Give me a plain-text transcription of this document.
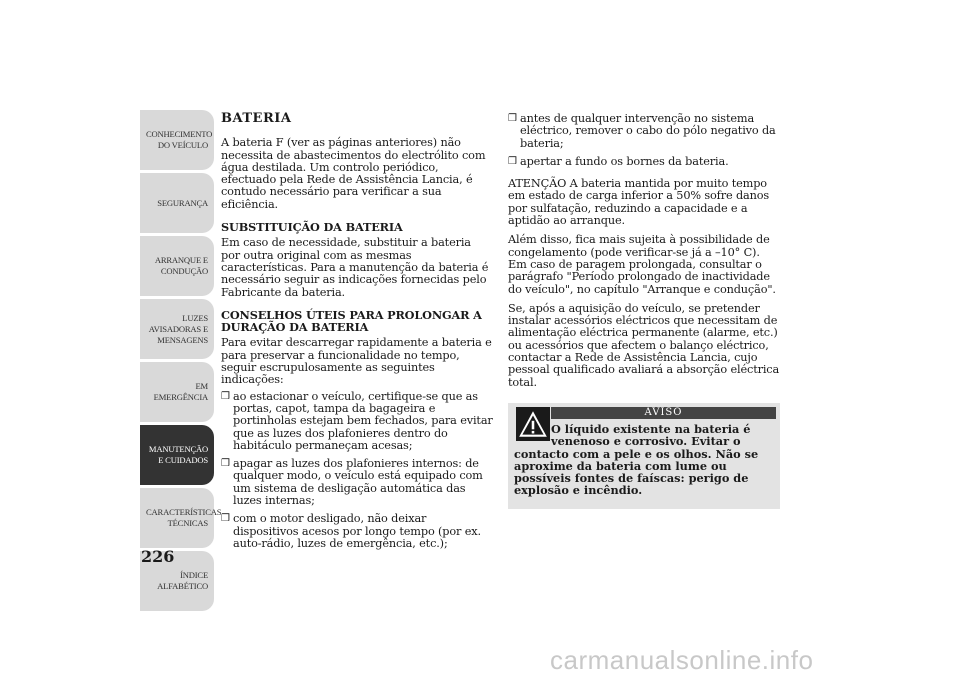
CONHECIMENTO DO VEÍCULO
SEGURANÇA
ARRANQUE E CONDUÇÃO
LUZES AVISADORAS E MENSAGENS
EM EMERGÊNCIA
MANUTENÇÃO E CUIDADOS
CARACTERÍSTICAS TÉCNICAS
ÍNDICE ALFABÉTICO
226
BATERIA

A bateria F (ver as páginas anteriores) não necessita de abastecimentos do electrólito com água destilada. Um controlo periódico, efectuado pela Rede de Assistência Lancia, é contudo necessário para verificar a sua eficiência.

SUBSTITUIÇÃO DA BATERIA

Em caso de necessidade, substituir a bateria por outra original com as mesmas características. Para a manutenção da bateria é necessário seguir as indicações fornecidas pelo Fabricante da bateria.

CONSELHOS ÚTEIS PARA PROLONGAR A DURAÇÃO DA BATERIA

Para evitar descarregar rapidamente a bateria e para preservar a funcionalidade no tempo, seguir escrupulosamente as seguintes indicações:

❒ ao estacionar o veículo, certifique-se que as portas, capot, tampa da bagageira e portinholas estejam bem fechados, para evitar que as luzes dos plafonieres dentro do habitáculo permaneçam acesas;
❒ apagar as luzes dos plafonieres internos: de qualquer modo, o veículo está equipado com um sistema de desligação automática das luzes internas;
❒ com o motor desligado, não deixar dispositivos acesos por longo tempo (por ex. auto-rádio, luzes de emergência, etc.);
❒ antes de qualquer intervenção no sistema eléctrico, remover o cabo do pólo negativo da bateria;
❒ apertar a fundo os bornes da bateria.

ATENÇÃO A bateria mantida por muito tempo em estado de carga inferior a 50% sofre danos por sulfatação, reduzindo a capacidade e a aptidão ao arranque.

Além disso, fica mais sujeita à possibilidade de congelamento (pode verificar-se já a –10° C). Em caso de paragem prolongada, consultar o parágrafo "Período prolongado de inactividade do veículo", no capítulo "Arranque e condução".

Se, após a aquisição do veículo, se pretender instalar acessórios eléctricos que necessitam de alimentação eléctrica permanente (alarme, etc.) ou acessórios que afectem o balanço eléctrico, contactar a Rede de Assistência Lancia, cujo pessoal qualificado avaliará a absorção eléctrica total.

AVISO
O líquido existente na bateria é
venenoso e corrosivo. Evitar o
contacto com a pele e os olhos. Não se aproxime da bateria com lume ou possíveis fontes de faíscas: perigo de explosão e incêndio.
carmanualsonline.info
